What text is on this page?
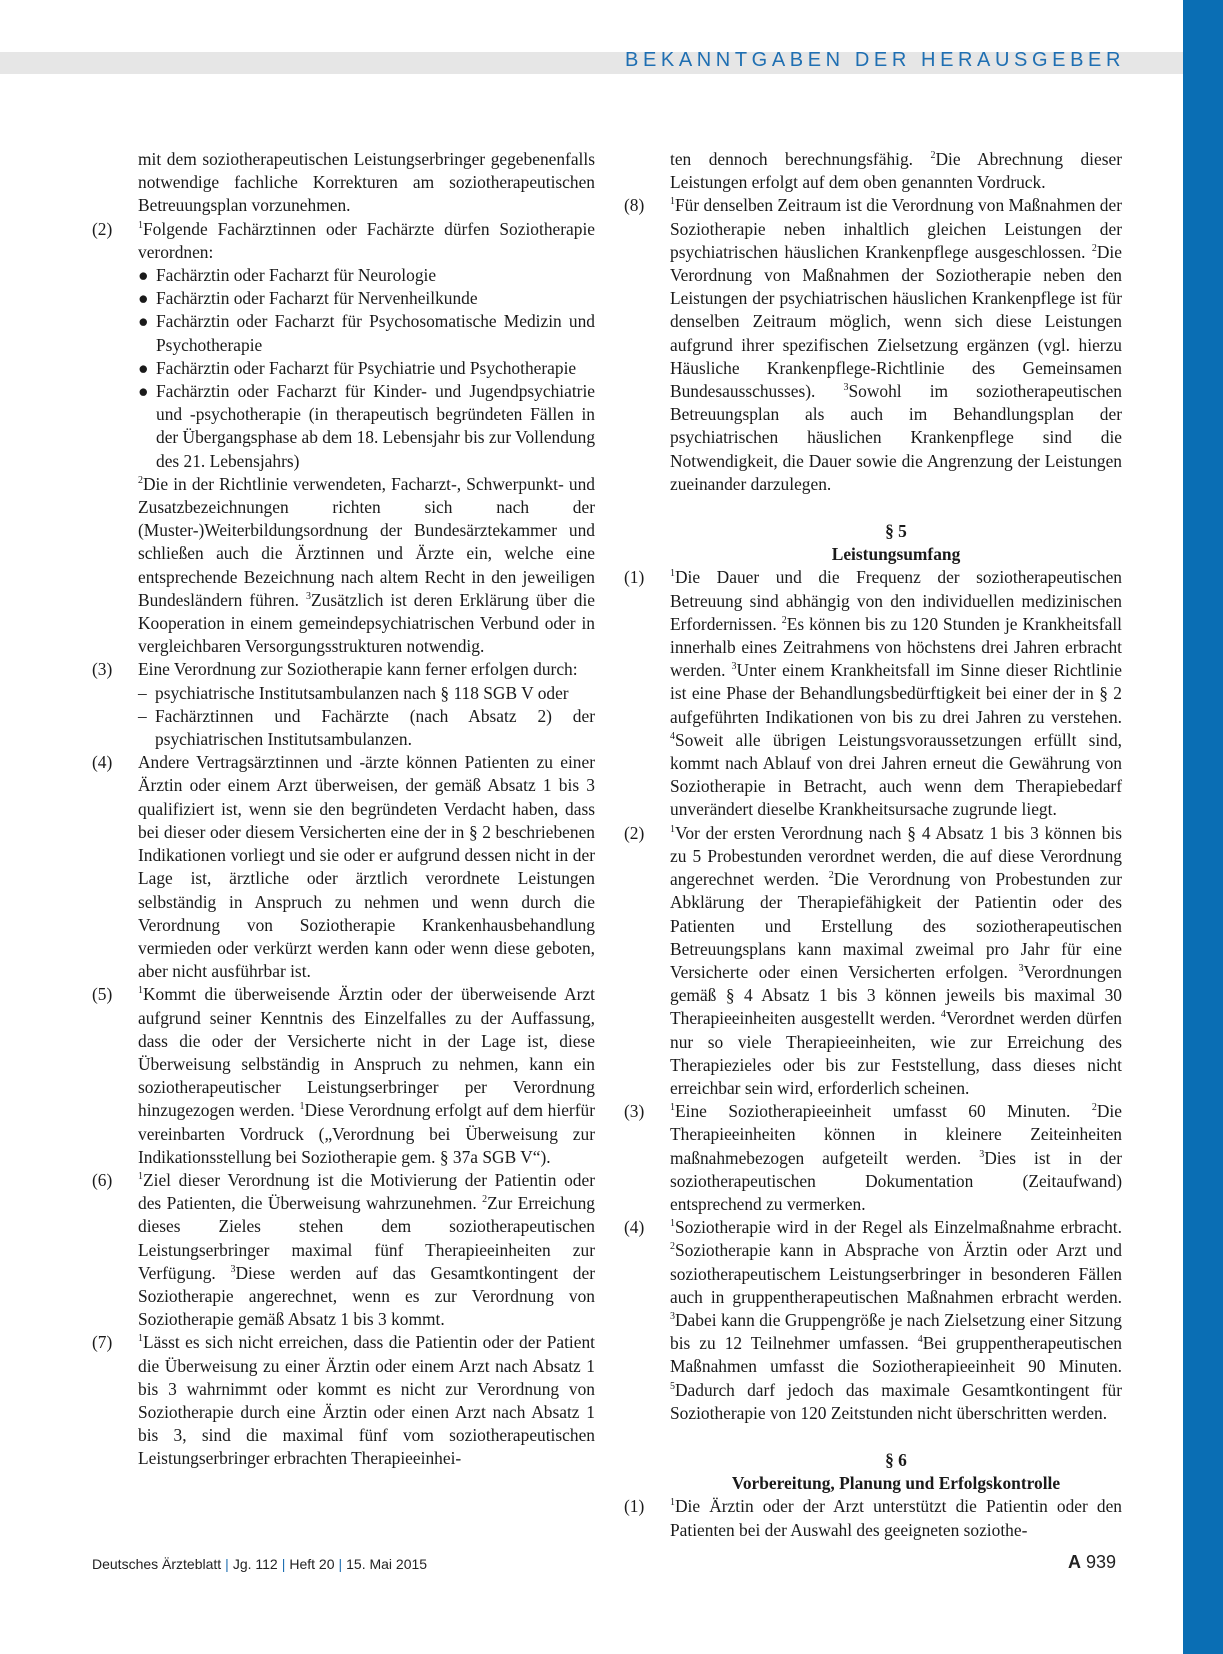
BEKANNTGABEN DER HERAUSGEBER
mit dem soziotherapeutischen Leistungserbringer gegebenenfalls notwendige fachliche Korrekturen am soziotherapeutischen Betreuungsplan vorzunehmen.
(2)	$^1$Folgende Fachärztinnen oder Fachärzte dürfen Soziotherapie verordnen:
● Fachärztin oder Facharzt für Neurologie
● Fachärztin oder Facharzt für Nervenheilkunde
● Fachärztin oder Facharzt für Psychosomatische Medizin und Psychotherapie
● Fachärztin oder Facharzt für Psychiatrie und Psychotherapie
● Fachärztin oder Facharzt für Kinder- und Jugendpsychiatrie und -psychotherapie (in therapeutisch begründeten Fällen in der Übergangsphase ab dem 18. Lebensjahr bis zur Vollendung des 21. Lebensjahrs)
$^2$Die in der Richtlinie verwendeten, Facharzt-, Schwerpunkt- und Zusatzbezeichnungen richten sich nach der (Muster-)Weiterbildungsordnung der Bundesärztekammer und schließen auch die Ärztinnen und Ärzte ein, welche eine entsprechende Bezeichnung nach altem Recht in den jeweiligen Bundesländern führen. $^3$Zusätzlich ist deren Erklärung über die Kooperation in einem gemeindepsychiatrischen Verbund oder in vergleichbaren Versorgungsstrukturen notwendig.
(3) Eine Verordnung zur Soziotherapie kann ferner erfolgen durch:
– psychiatrische Institutsambulanzen nach § 118 SGB V oder
– Fachärztinnen und Fachärzte (nach Absatz 2) der psychiatrischen Institutsambulanzen.
(4) Andere Vertragsärztinnen und -ärzte können Patienten zu einer Ärztin oder einem Arzt überweisen, der gemäß Absatz 1 bis 3 qualifiziert ist, wenn sie den begründeten Verdacht haben, dass bei dieser oder diesem Versicherten eine der in § 2 beschriebenen Indikationen vorliegt und sie oder er aufgrund dessen nicht in der Lage ist, ärztliche oder ärztlich verordnete Leistungen selbständig in Anspruch zu nehmen und wenn durch die Verordnung von Soziotherapie Krankenhausbehandlung vermieden oder verkürzt werden kann oder wenn diese geboten, aber nicht ausführbar ist.
(5)	$^1$Kommt die überweisende Ärztin oder der überweisende Arzt aufgrund seiner Kenntnis des Einzelfalles zu der Auffassung, dass die oder der Versicherte nicht in der Lage ist, diese Überweisung selbständig in Anspruch zu nehmen, kann ein soziotherapeutischer Leistungserbringer per Verordnung hinzugezogen werden. $^1$Diese Verordnung erfolgt auf dem hierfür vereinbarten Vordruck („Verordnung bei Überweisung zur Indikationsstellung bei Soziotherapie gem. § 37a SGB V“).
(6)	$^1$Ziel dieser Verordnung ist die Motivierung der Patientin oder des Patienten, die Überweisung wahrzunehmen. $^2$Zur Erreichung dieses Zieles stehen dem soziotherapeutischen Leistungserbringer maximal fünf Therapieeinheiten zur Verfügung. $^3$Diese werden auf das Gesamtkontingent der Soziotherapie angerechnet, wenn es zur Verordnung von Soziotherapie gemäß Absatz 1 bis 3 kommt.
(7)	$^1$Lässt es sich nicht erreichen, dass die Patientin oder der Patient die Überweisung zu einer Ärztin oder einem Arzt nach Absatz 1 bis 3 wahrnimmt oder kommt es nicht zur Verordnung von Soziotherapie durch eine Ärztin oder einen Arzt nach Absatz 1 bis 3, sind die maximal fünf vom soziotherapeutischen Leistungserbringer erbrachten Therapieeinhei-
ten dennoch berechnungsfähig. $^2$Die Abrechnung dieser Leistungen erfolgt auf dem oben genannten Vordruck.
(8)	$^1$Für denselben Zeitraum ist die Verordnung von Maßnahmen der Soziotherapie neben inhaltlich gleichen Leistungen der psychiatrischen häuslichen Krankenpflege ausgeschlossen. $^2$Die Verordnung von Maßnahmen der Soziotherapie neben den Leistungen der psychiatrischen häuslichen Krankenpflege ist für denselben Zeitraum möglich, wenn sich diese Leistungen aufgrund ihrer spezifischen Zielsetzung ergänzen (vgl. hierzu Häusliche Krankenpflege-Richtlinie des Gemeinsamen Bundesausschusses).	$^3$Sowohl im soziotherapeutischen Betreuungsplan als auch im Behandlungsplan der psychiatrischen häuslichen Krankenpflege sind die Notwendigkeit, die Dauer sowie die Angrenzung der Leistungen zueinander darzulegen.
§ 5
Leistungsumfang
(1)	$^1$Die Dauer und die Frequenz der soziotherapeutischen Betreuung sind abhängig von den individuellen medizinischen Erfordernissen. $^2$Es können bis zu 120 Stunden je Krankheitsfall innerhalb eines Zeitrahmens von höchstens drei Jahren erbracht werden. $^3$Unter einem Krankheitsfall im Sinne dieser Richtlinie ist eine Phase der Behandlungsbedürftigkeit bei einer der in § 2 aufgeführten Indikationen von bis zu drei Jahren zu verstehen. $^4$Soweit alle übrigen Leistungsvoraussetzungen erfüllt sind, kommt nach Ablauf von drei Jahren erneut die Gewährung von Soziotherapie in Betracht, auch wenn dem Therapiebedarf unverändert dieselbe Krankheitsursache zugrunde liegt.
(2)	$^1$Vor der ersten Verordnung nach § 4 Absatz 1 bis 3 können bis zu 5 Probestunden verordnet werden, die auf diese Verordnung angerechnet werden. $^2$Die Verordnung von Probestunden zur Abklärung der Therapiefähigkeit der Patientin oder des Patienten und Erstellung des soziotherapeutischen Betreuungsplans kann maximal zweimal pro Jahr für eine Versicherte oder einen Versicherten erfolgen. $^3$Verordnungen gemäß § 4 Absatz 1 bis 3 können jeweils bis maximal 30 Therapieeinheiten ausgestellt werden. $^4$Verordnet werden dürfen nur so viele Therapieeinheiten, wie zur Erreichung des Therapiezieles oder bis zur Feststellung, dass dieses nicht erreichbar sein wird, erforderlich scheinen.
(3)	$^1$Eine Soziotherapieeinheit umfasst 60 Minuten. $^2$Die Therapieeinheiten können in kleinere Zeiteinheiten maßnahmebezogen aufgeteilt werden. $^3$Dies ist in der soziotherapeutischen Dokumentation (Zeitaufwand) entsprechend zu vermerken.
(4)	$^1$Soziotherapie wird in der Regel als Einzelmaßnahme erbracht. $^2$Soziotherapie kann in Absprache von Ärztin oder Arzt und soziotherapeutischem Leistungserbringer in besonderen Fällen auch in gruppentherapeutischen Maßnahmen erbracht werden. $^3$Dabei kann die Gruppengröße je nach Zielsetzung einer Sitzung bis zu 12 Teilnehmer umfassen. $^4$Bei gruppentherapeutischen Maßnahmen umfasst die Soziotherapieeinheit 90 Minuten. $^5$Dadurch darf jedoch das maximale Gesamtkontingent für Soziotherapie von 120 Zeitstunden nicht überschritten werden.
§ 6
Vorbereitung, Planung und Erfolgskontrolle
(1)	$^1$Die Ärztin oder der Arzt unterstützt die Patientin oder den Patienten bei der Auswahl des geeigneten soziothe-
Deutsches Ärzteblatt | Jg. 112 | Heft 20 | 15. Mai 2015	A 939
